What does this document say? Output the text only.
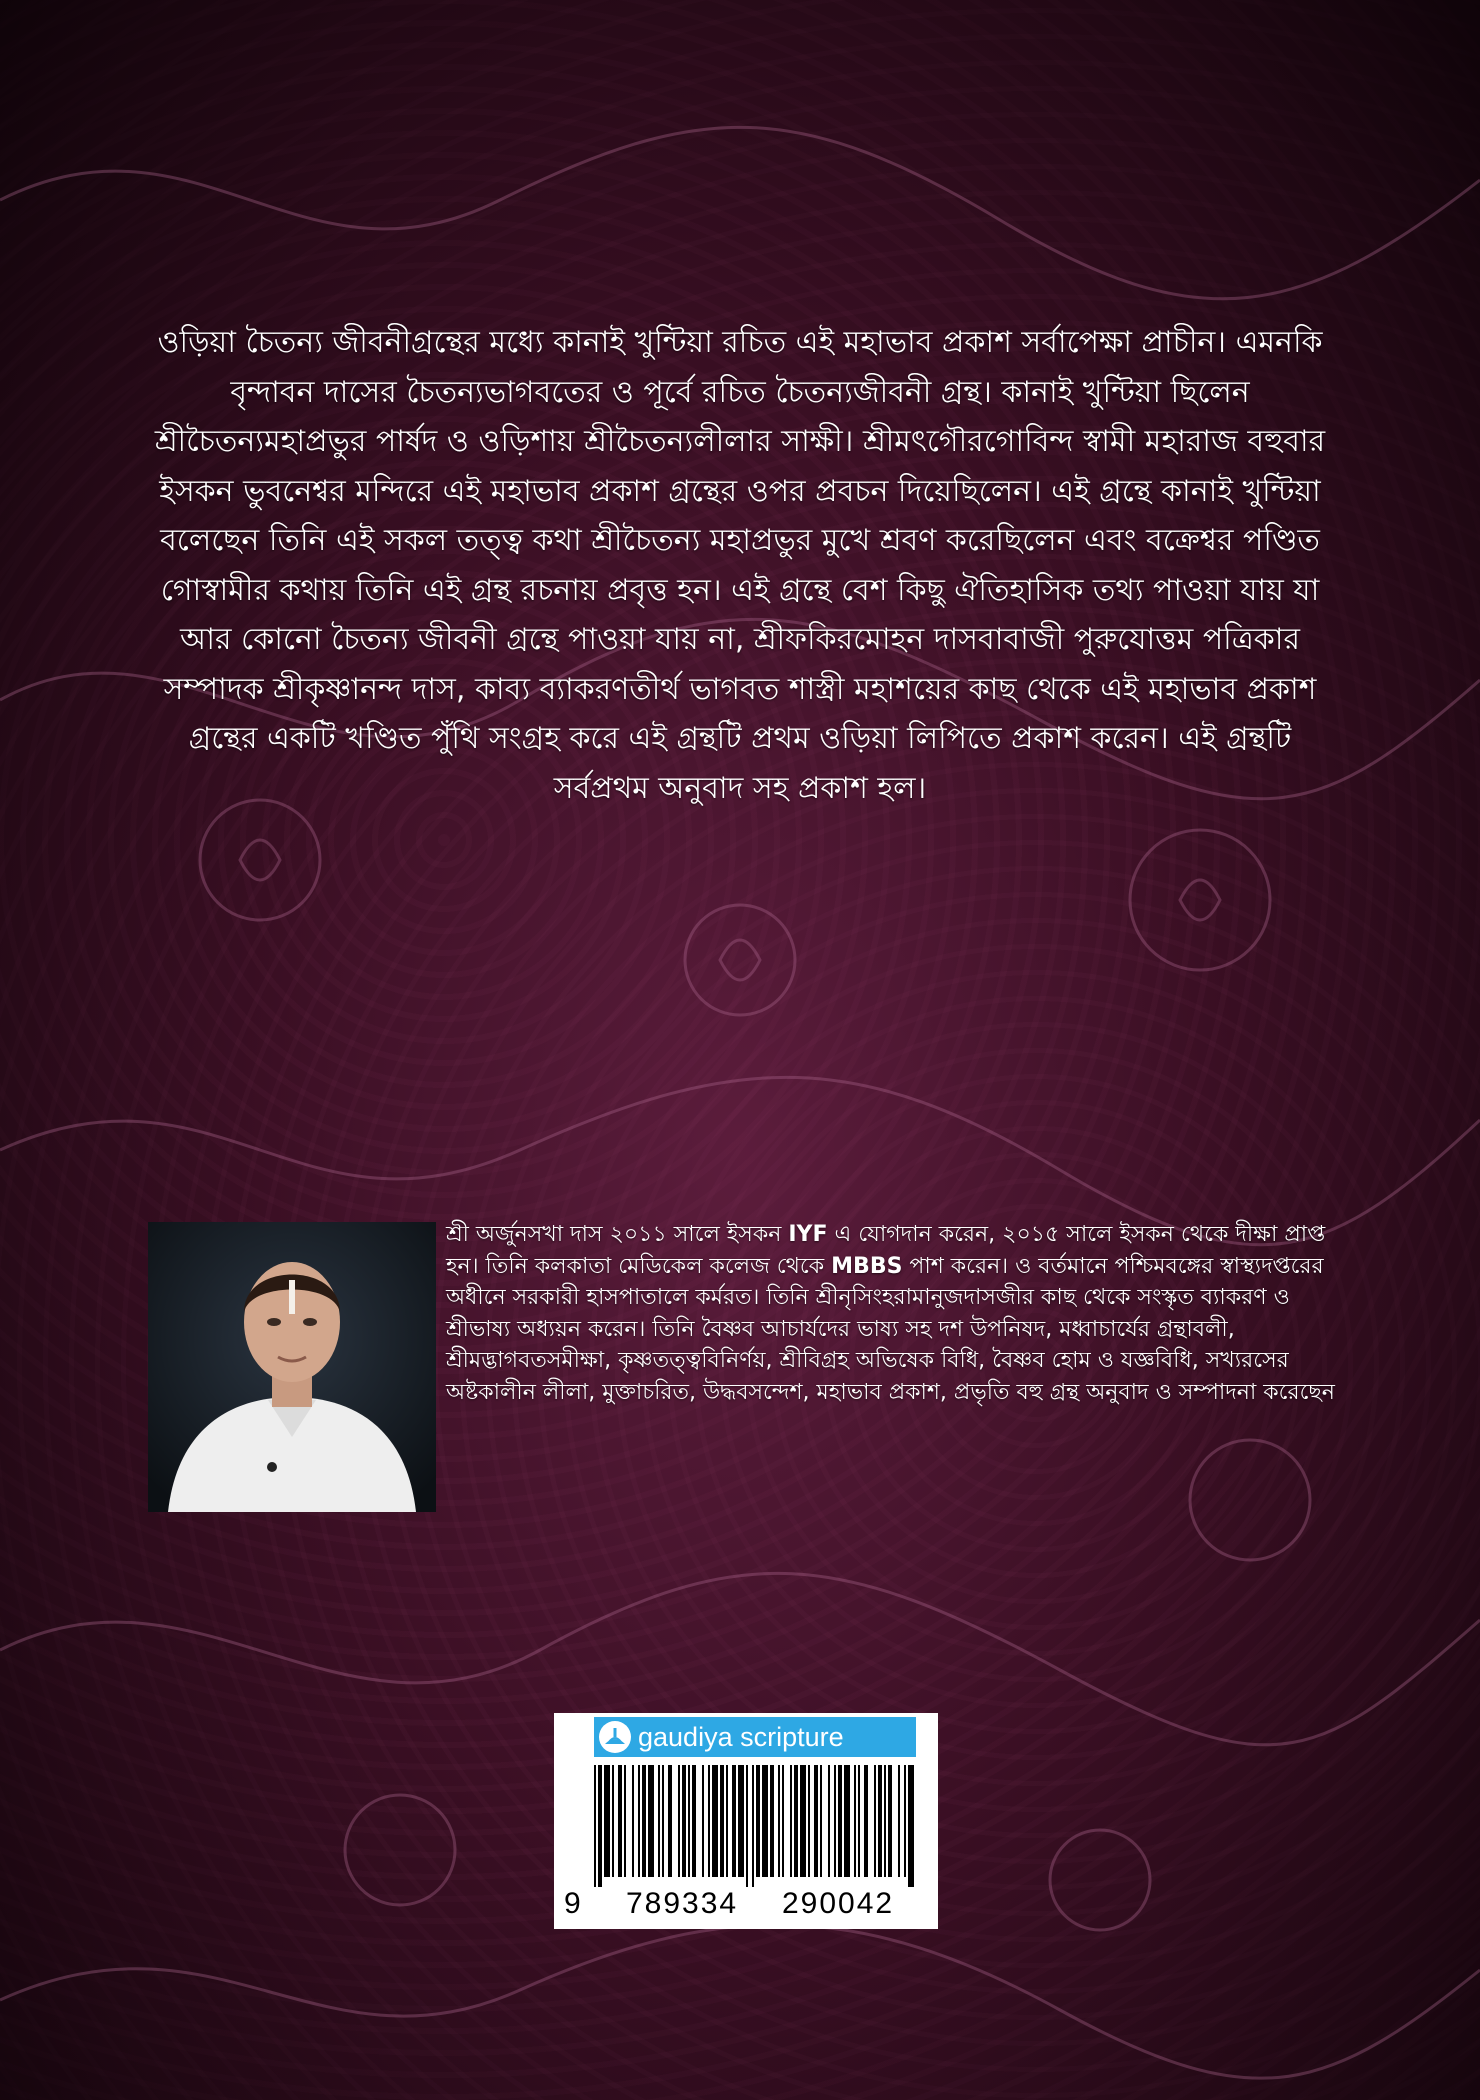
ওড়িয়া চৈতন্য জীবনীগ্রন্থের মধ্যে কানাই খুন্টিয়া রচিত এই মহাভাব প্রকাশ সর্বাপেক্ষা প্রাচীন। এমনকি বৃন্দাবন দাসের চৈতন্যভাগবতের ও পূর্বে রচিত চৈতন্যজীবনী গ্রন্থ। কানাই খুন্টিয়া ছিলেন শ্রীচৈতন্যমহাপ্রভুর পার্ষদ ও ওড়িশায় শ্রীচৈতন্যলীলার সাক্ষী। শ্রীমৎগৌরগোবিন্দ স্বামী মহারাজ বহুবার ইসকন ভুবনেশ্বর মন্দিরে এই মহাভাব প্রকাশ গ্রন্থের ওপর প্রবচন দিয়েছিলেন। এই গ্রন্থে কানাই খুন্টিয়া বলেছেন তিনি এই সকল তত্ত্ব কথা শ্রীচৈতন্য মহাপ্রভুর মুখে শ্রবণ করেছিলেন এবং বক্রেশ্বর পণ্ডিত গোস্বামীর কথায় তিনি এই গ্রন্থ রচনায় প্রবৃত্ত হন। এই গ্রন্থে বেশ কিছু ঐতিহাসিক তথ্য পাওয়া যায় যা আর কোনো চৈতন্য জীবনী গ্রন্থে পাওয়া যায় না, শ্রীফকিরমোহন দাসবাবাজী পুরুযোত্তম পত্রিকার সম্পাদক শ্রীকৃষ্ণানন্দ দাস, কাব্য ব্যাকরণতীর্থ ভাগবত শাস্ত্রী মহাশয়ের কাছ থেকে এই মহাভাব প্রকাশ গ্রন্থের একটি খণ্ডিত পুঁথি সংগ্রহ করে এই গ্রন্থটি প্রথম ওড়িয়া লিপিতে প্রকাশ করেন। এই গ্রন্থটি সর্বপ্রথম অনুবাদ সহ প্রকাশ হল।

শ্রী অর্জুনসখা দাস ২০১১ সালে ইসকন IYF এ যোগদান করেন, ২০১৫ সালে ইসকন থেকে দীক্ষা প্রাপ্ত হন। তিনি কলকাতা মেডিকেল কলেজ থেকে MBBS পাশ করেন। ও বর্তমানে পশ্চিমবঙ্গের স্বাস্থ্যদপ্তরের অধীনে সরকারী হাসপাতালে কর্মরত। তিনি শ্রীনৃসিংহরামানুজদাসজীর কাছ থেকে সংস্কৃত ব্যাকরণ ও শ্রীভাষ্য অধ্যয়ন করেন। তিনি বৈষ্ণব আচার্যদের ভাষ্য সহ দশ উপনিষদ, মধ্বাচার্যের গ্রন্থাবলী, শ্রীমদ্ভাগবতসমীক্ষা, কৃষ্ণতত্ত্ববিনির্ণয়, শ্রীবিগ্রহ অভিষেক বিধি, বৈষ্ণব হোম ও যজ্ঞবিধি, সখ্যরসের অষ্টকালীন লীলা, মুক্তাচরিত, উদ্ধবসন্দেশ, মহাভাব প্রকাশ, প্রভৃতি বহু গ্রন্থ অনুবাদ ও সম্পাদনা করেছেন

gaudiya scripture
9 789334 290042
